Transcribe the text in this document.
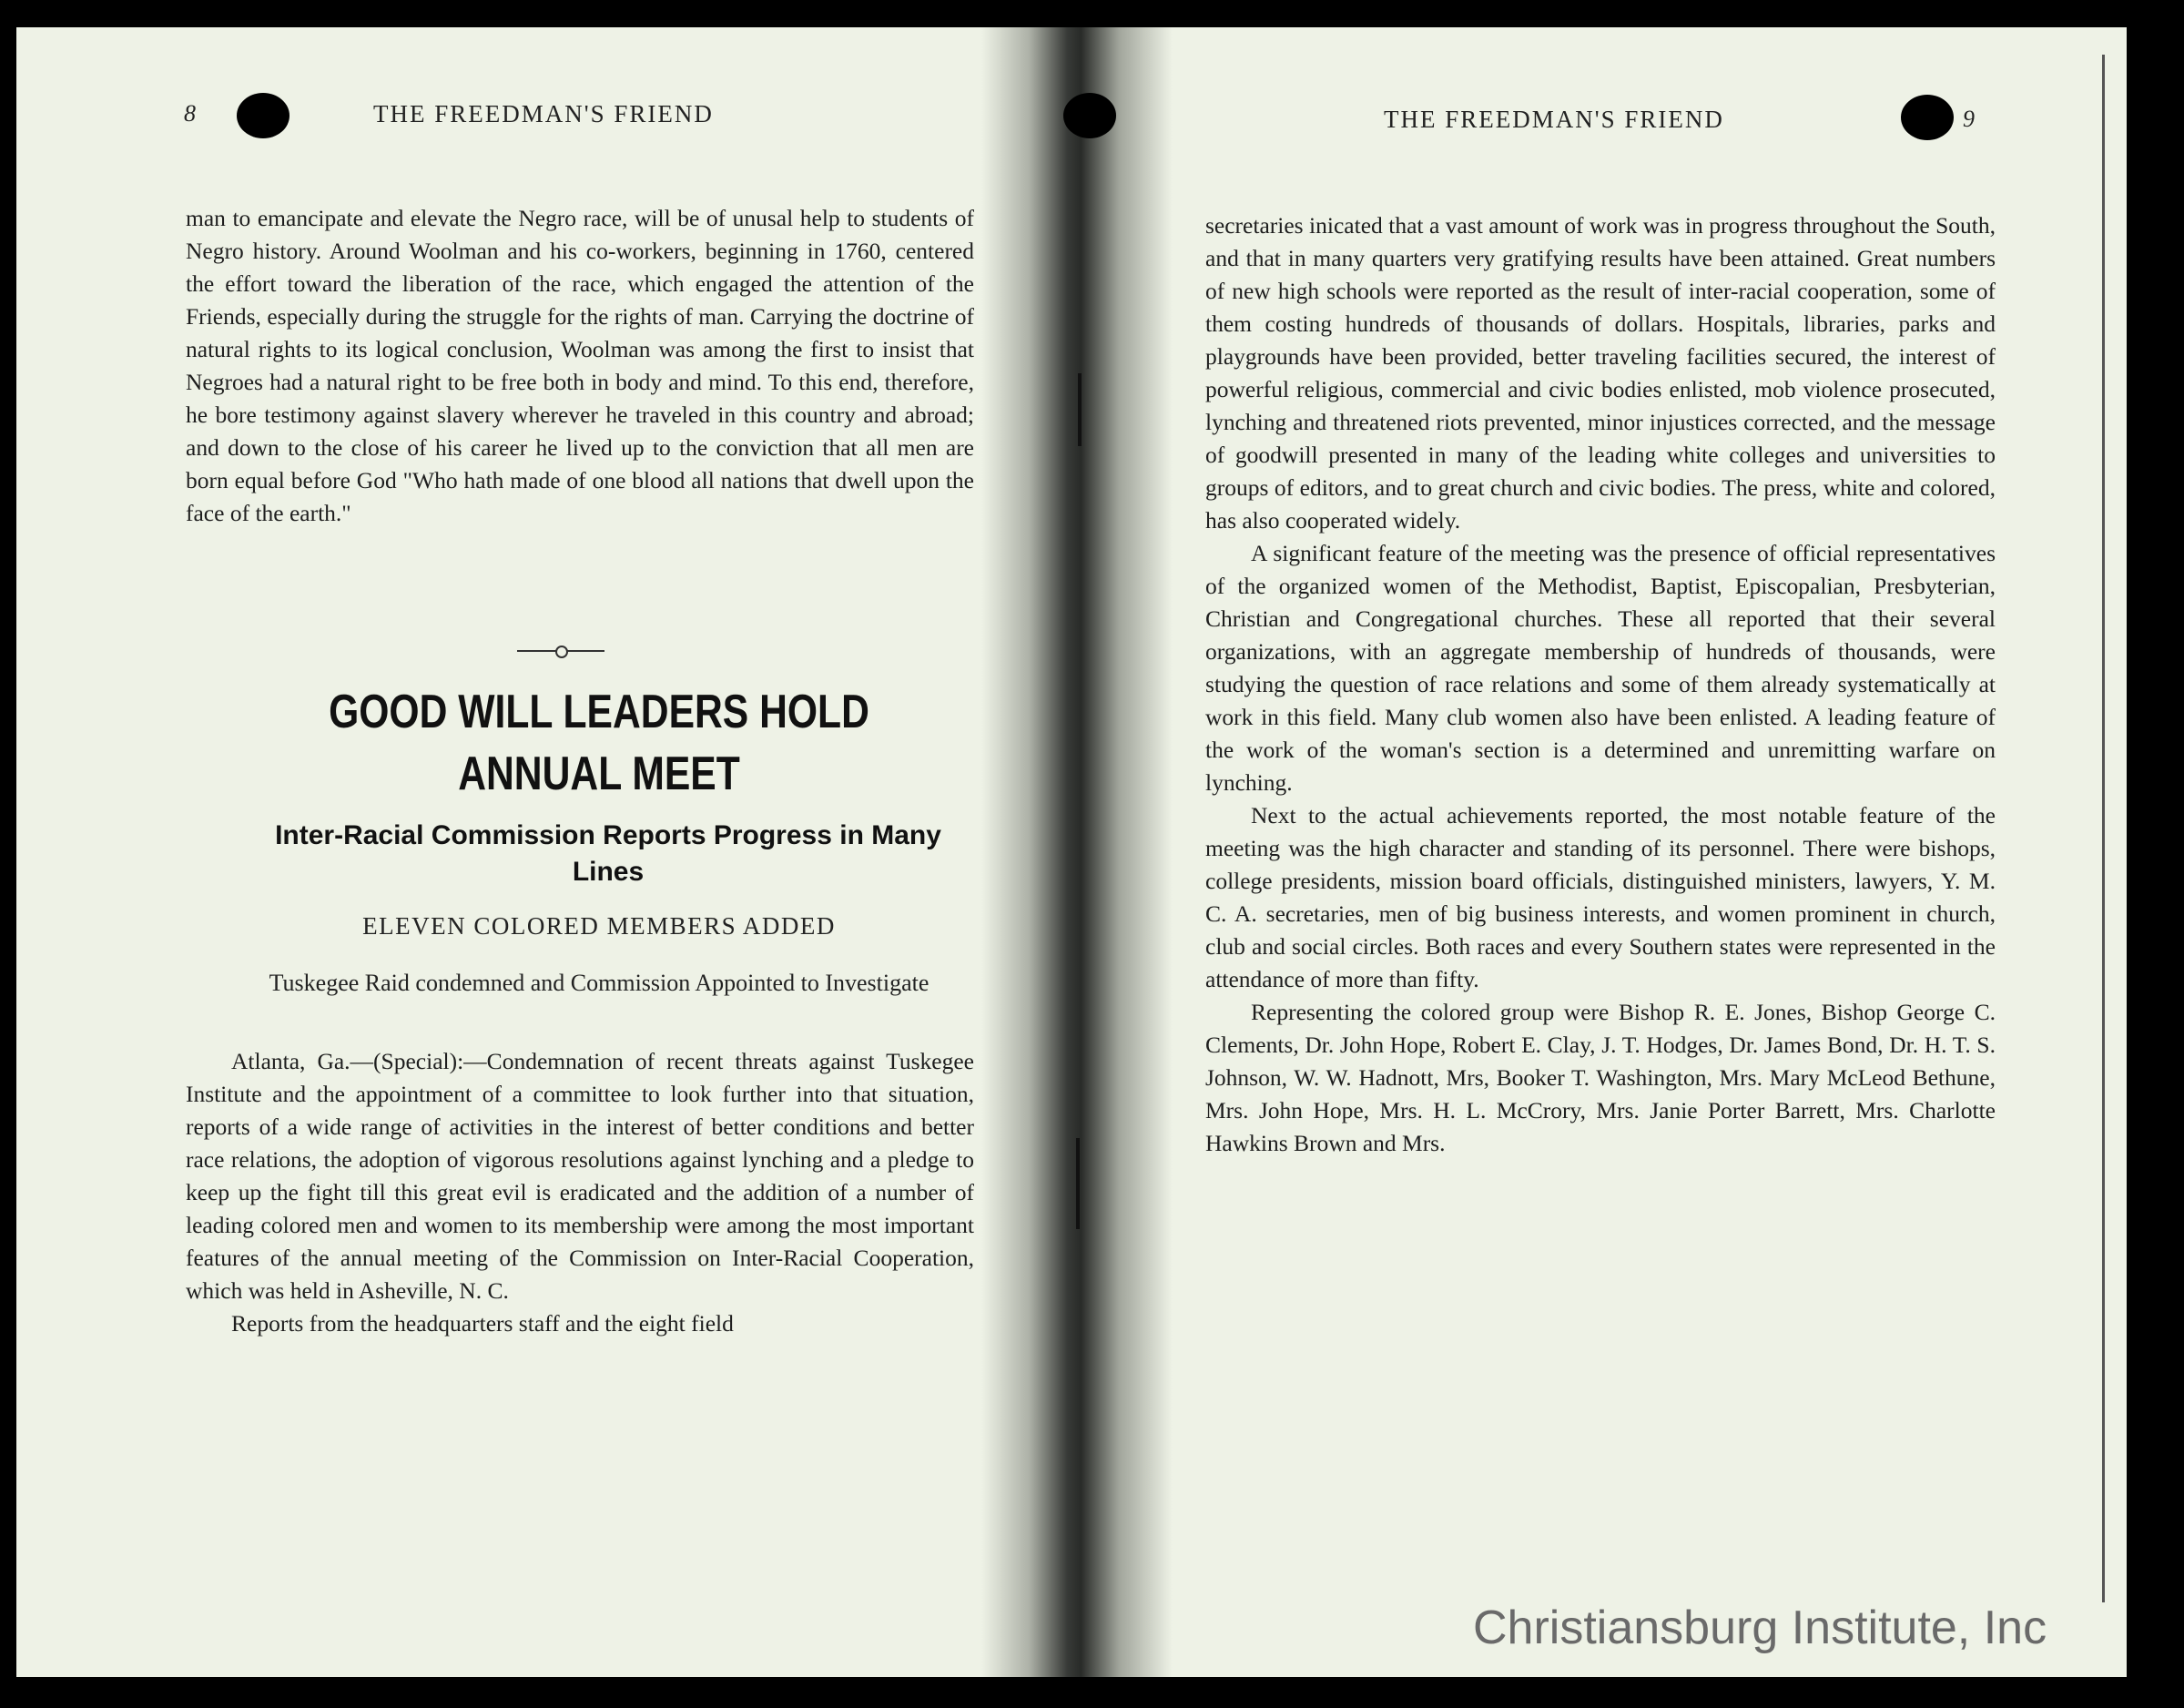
8	THE FREEDMAN'S FRIEND

man to emancipate and elevate the Negro race, will be of unusal help to students of Negro history. Around Woolman and his co-workers, beginning in 1760, centered the effort toward the liberation of the race, which engaged the attention of the Friends, especially during the struggle for the rights of man. Carrying the doctrine of natural rights to its logical conclusion, Woolman was among the first to insist that Negroes had a natural right to be free both in body and mind. To this end, therefore, he bore testimony against slavery wherever he traveled in this country and abroad; and down to the close of his career he lived up to the conviction that all men are born equal before God "Who hath made of one blood all nations that dwell upon the face of the earth."

GOOD WILL LEADERS HOLD
ANNUAL MEET
Inter-Racial Commission Reports Progress in Many Lines
ELEVEN COLORED MEMBERS ADDED
Tuskegee Raid condemned and Commission Appointed to Investigate

Atlanta, Ga.—(Special):—Condemnation of recent threats against Tuskegee Institute and the appointment of a committee to look further into that situation, reports of a wide range of activities in the interest of better conditions and better race relations, the adoption of vigorous resolutions against lynching and a pledge to keep up the fight till this great evil is eradicated and the addition of a number of leading colored men and women to its membership were among the most important features of the annual meeting of the Commission on Inter-Racial Cooperation, which was held in Asheville, N. C.

Reports from the headquarters staff and the eight field

THE FREEDMAN'S FRIEND	9

secretaries inicated that a vast amount of work was in progress throughout the South, and that in many quarters very gratifying results have been attained. Great numbers of new high schools were reported as the result of inter-racial cooperation, some of them costing hundreds of thousands of dollars. Hospitals, libraries, parks and playgrounds have been provided, better traveling facilities secured, the interest of powerful religious, commercial and civic bodies enlisted, mob violence prosecuted, lynching and threatened riots prevented, minor injustices corrected, and the message of goodwill presented in many of the leading white colleges and universities to groups of editors, and to great church and civic bodies. The press, white and colored, has also cooperated widely.

A significant feature of the meeting was the presence of official representatives of the organized women of the Methodist, Baptist, Episcopalian, Presbyterian, Christian and Congregational churches. These all reported that their several organizations, with an aggregate membership of hundreds of thousands, were studying the question of race relations and some of them already systematically at work in this field. Many club women also have been enlisted. A leading feature of the work of the woman's section is a determined and unremitting warfare on lynching.

Next to the actual achievements reported, the most notable feature of the meeting was the high character and standing of its personnel. There were bishops, college presidents, mission board officials, distinguished ministers, lawyers, Y. M. C. A. secretaries, men of big business interests, and women prominent in church, club and social circles. Both races and every Southern states were represented in the attendance of more than fifty.

Representing the colored group were Bishop R. E. Jones, Bishop George C. Clements, Dr. John Hope, Robert E. Clay, J. T. Hodges, Dr. James Bond, Dr. H. T. S. Johnson, W. W. Hadnott, Mrs, Booker T. Washington, Mrs. Mary McLeod Bethune, Mrs. John Hope, Mrs. H. L. McCrory, Mrs. Janie Porter Barrett, Mrs. Charlotte Hawkins Brown and Mrs.

Christiansburg Institute, Inc
